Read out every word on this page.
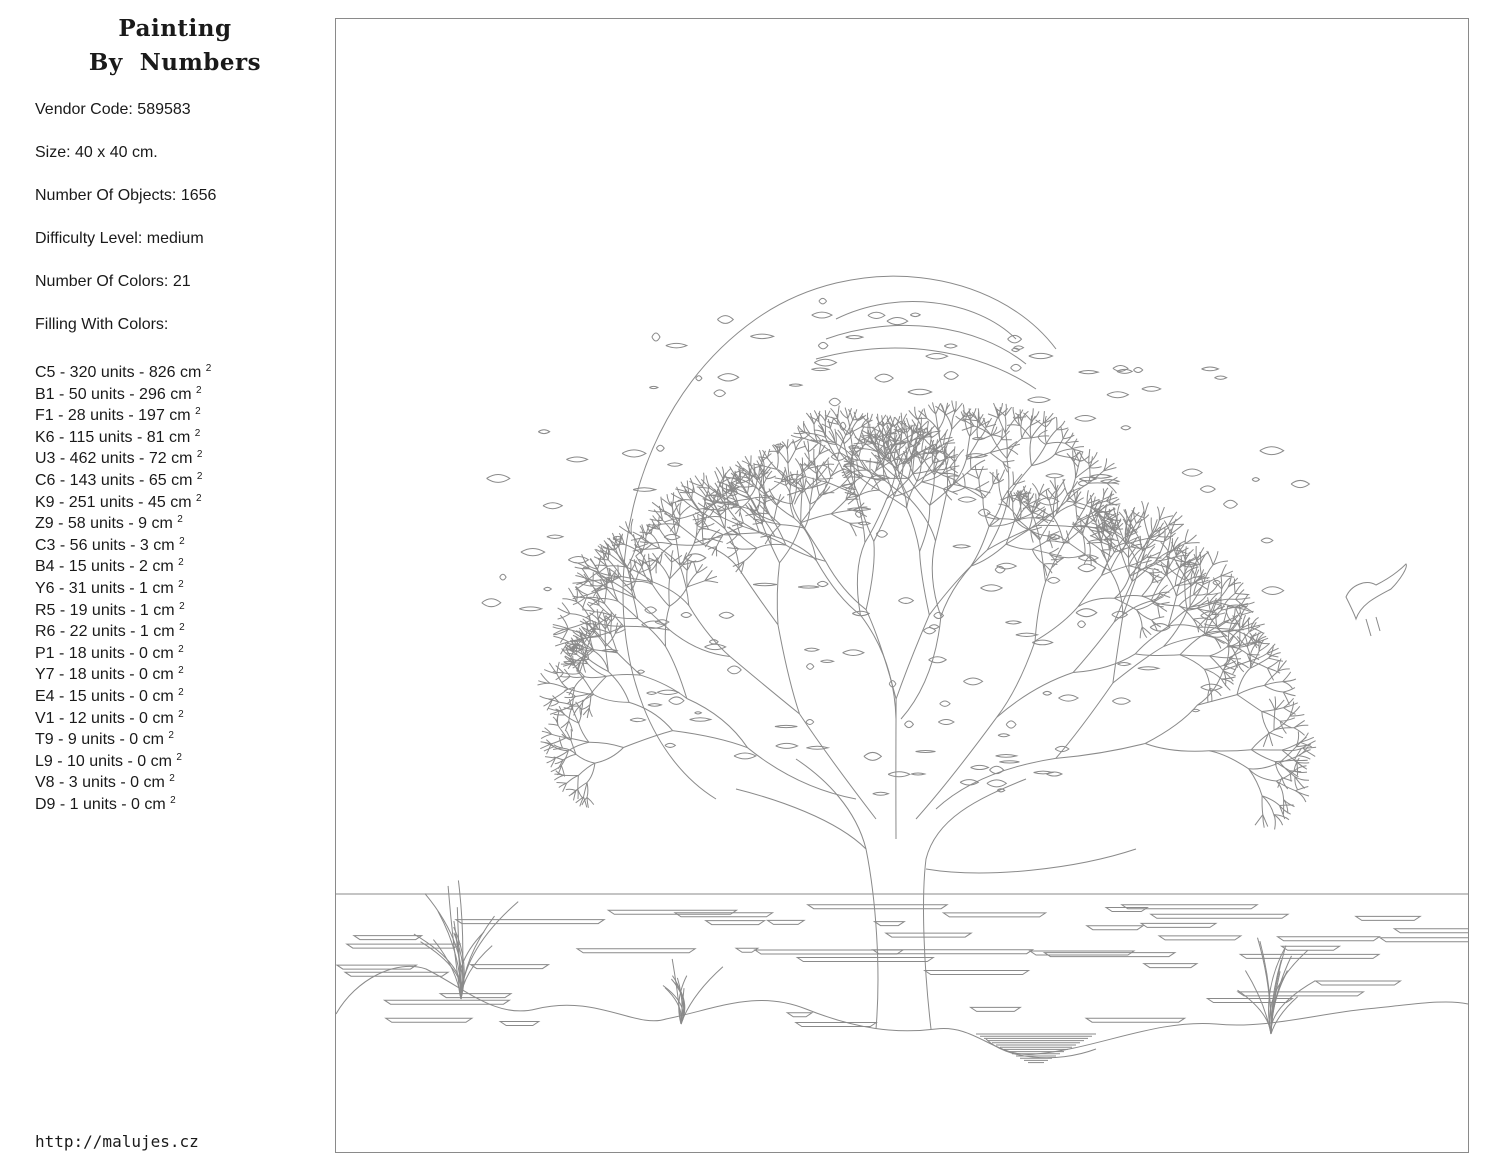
Painting
By  Numbers
Vendor Code: 589583
Size: 40 x 40 cm.
Number Of Objects: 1656
Difficulty Level: medium
Number Of Colors: 21
Filling With Colors:
C5 - 320 units - 826 cm $^2$
B1 - 50 units - 296 cm $^2$
F1 - 28 units - 197 cm $^2$
K6 - 115 units - 81 cm $^2$
U3 - 462 units - 72 cm $^2$
C6 - 143 units - 65 cm $^2$
K9 - 251 units - 45 cm $^2$
Z9 - 58 units - 9 cm $^2$
C3 - 56 units - 3 cm $^2$
B4 - 15 units - 2 cm $^2$
Y6 - 31 units - 1 cm $^2$
R5 - 19 units - 1 cm $^2$
R6 - 22 units - 1 cm $^2$
P1 - 18 units - 0 cm $^2$
Y7 - 18 units - 0 cm $^2$
E4 - 15 units - 0 cm $^2$
V1 - 12 units - 0 cm $^2$
T9 - 9 units - 0 cm $^2$
L9 - 10 units - 0 cm $^2$
V8 - 3 units - 0 cm $^2$
D9 - 1 units - 0 cm $^2$
http://malujes.cz
